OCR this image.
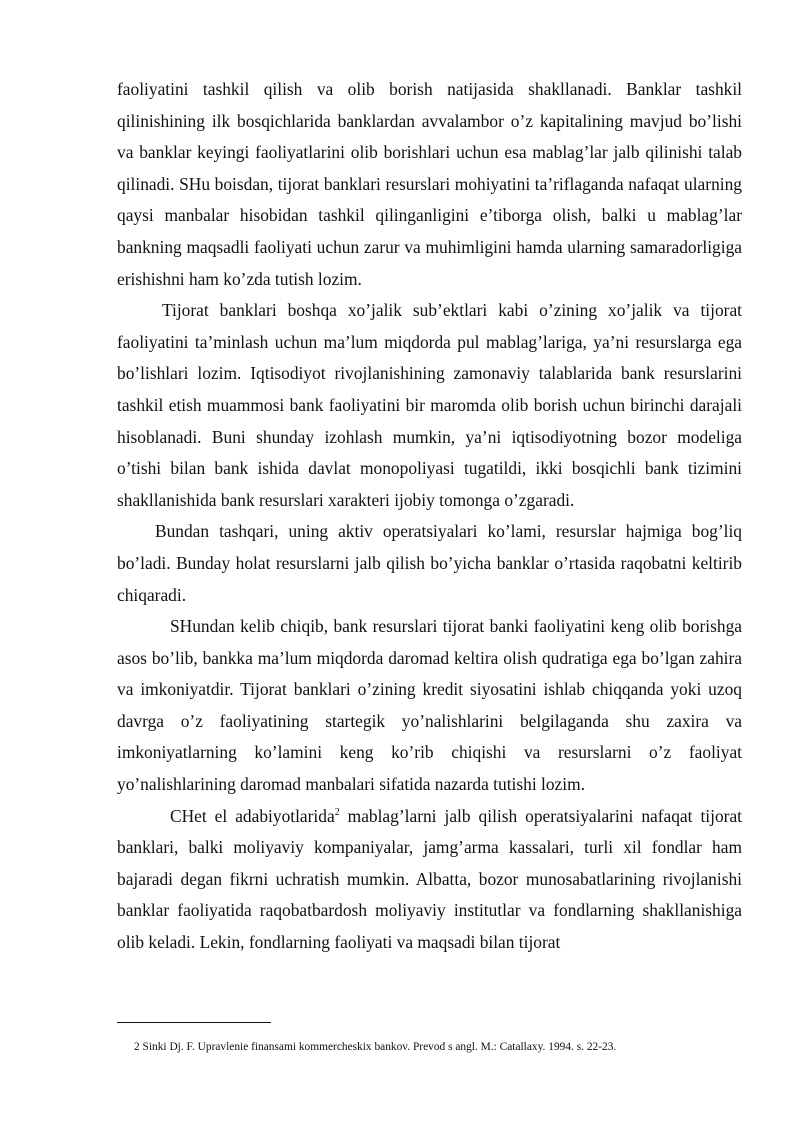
faoliyatini tashkil qilish va olib borish natijasida shakllanadi. Banklar tashkil qilinishining ilk bosqichlarida banklardan avvalambor o’z kapitalining mavjud bo’lishi va banklar keyingi faoliyatlarini olib borishlari uchun esa mablag’lar jalb qilinishi talab qilinadi. SHu boisdan, tijorat banklari resurslari mohiyatini ta’riflaganda nafaqat ularning qaysi manbalar hisobidan tashkil qilinganligini e’tiborga olish, balki u mablag’lar bankning maqsadli faoliyati uchun zarur va muhimligini hamda ularning samaradorligiga erishishni ham ko’zda tutish lozim.

Tijorat banklari boshqa xo’jalik sub’ektlari kabi o’zining xo’jalik va tijorat faoliyatini ta’minlash uchun ma’lum miqdorda pul mablag’lariga, ya’ni resurslarga ega bo’lishlari lozim. Iqtisodiyot rivojlanishining zamonaviy talablarida bank resurslarini tashkil etish muammosi bank faoliyatini bir maromda olib borish uchun birinchi darajali hisoblanadi. Buni shunday izohlash mumkin, ya’ni iqtisodiyotning bozor modeliga o’tishi bilan bank ishida davlat monopoliyasi tugatildi, ikki bosqichli bank tizimini shakllanishida bank resurslari xarakteri ijobiy tomonga o’zgaradi.

Bundan tashqari, uning aktiv operatsiyalari ko’lami, resurslar hajmiga bog’liq bo’ladi. Bunday holat resurslarni jalb qilish bo’yicha banklar o’rtasida raqobatni keltirib chiqaradi.

SHundan kelib chiqib, bank resurslari tijorat banki faoliyatini keng olib borishga asos bo’lib, bankka ma’lum miqdorda daromad keltira olish qudratiga ega bo’lgan zahira va imkoniyatdir. Tijorat banklari o’zining kredit siyosatini ishlab chiqqanda yoki uzoq davrga o’z faoliyatining startegik yo’nalishlarini belgilaganda shu zaxira va imkoniyatlarning ko’lamini keng ko’rib chiqishi va resurslarni o’z faoliyat yo’nalishlarining daromad manbalari sifatida nazarda tutishi lozim.

CHet el adabiyotlarida$^2$ mablag’larni jalb qilish operatsiyalarini nafaqat tijorat banklari, balki moliyaviy kompaniyalar, jamg’arma kassalari, turli xil fondlar ham bajaradi degan fikrni uchratish mumkin. Albatta, bozor munosabatlarining rivojlanishi banklar faoliyatida raqobatbardosh moliyaviy institutlar va fondlarning shakllanishiga olib keladi. Lekin, fondlarning faoliyati va maqsadi bilan tijorat

2 Sinki Dj. F. Upravlenie finansami kommercheskix bankov. Prevod s angl. M.: Catallaxy. 1994. s. 22-23.
